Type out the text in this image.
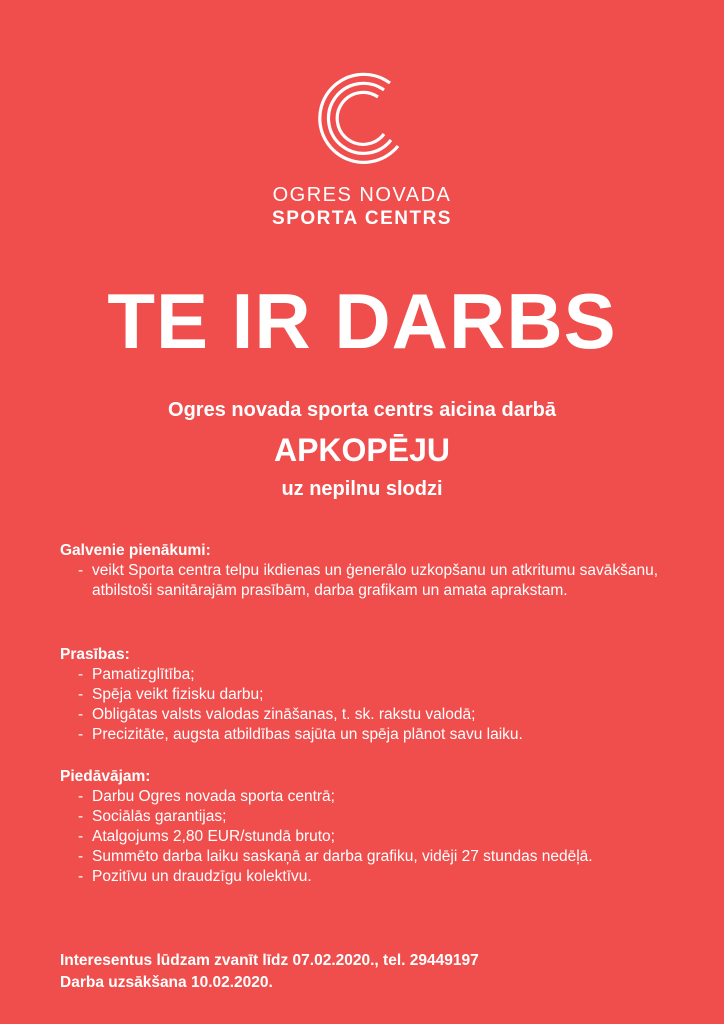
OGRES NOVADA
SPORTA CENTRS
TE IR DARBS
Ogres novada sporta centrs aicina darbā
APKOPĒJU
uz nepilnu slodzi

Galvenie pienākumi:

- veikt Sporta centra telpu ikdienas un ģenerālo uzkopšanu un atkritumu savākšanu, atbilstoši sanitārajām prasībām, darba grafikam un amata aprakstam.

Prasības:

- Pamatizglītība;
- Spēja veikt fizisku darbu;
- Obligātas valsts valodas zināšanas, t. sk. rakstu valodā;
- Precizitāte, augsta atbildības sajūta un spēja plānot savu laiku.

Piedāvājam:

- Darbu Ogres novada sporta centrā;
- Sociālās garantijas;
- Atalgojums 2,80 EUR/stundā bruto;
- Summēto darba laiku saskaņā ar darba grafiku, vidēji 27 stundas nedēļā.
- Pozitīvu un draudzīgu kolektīvu.

Interesentus lūdzam zvanīt līdz 07.02.2020., tel. 29449197

Darba uzsākšana 10.02.2020.
